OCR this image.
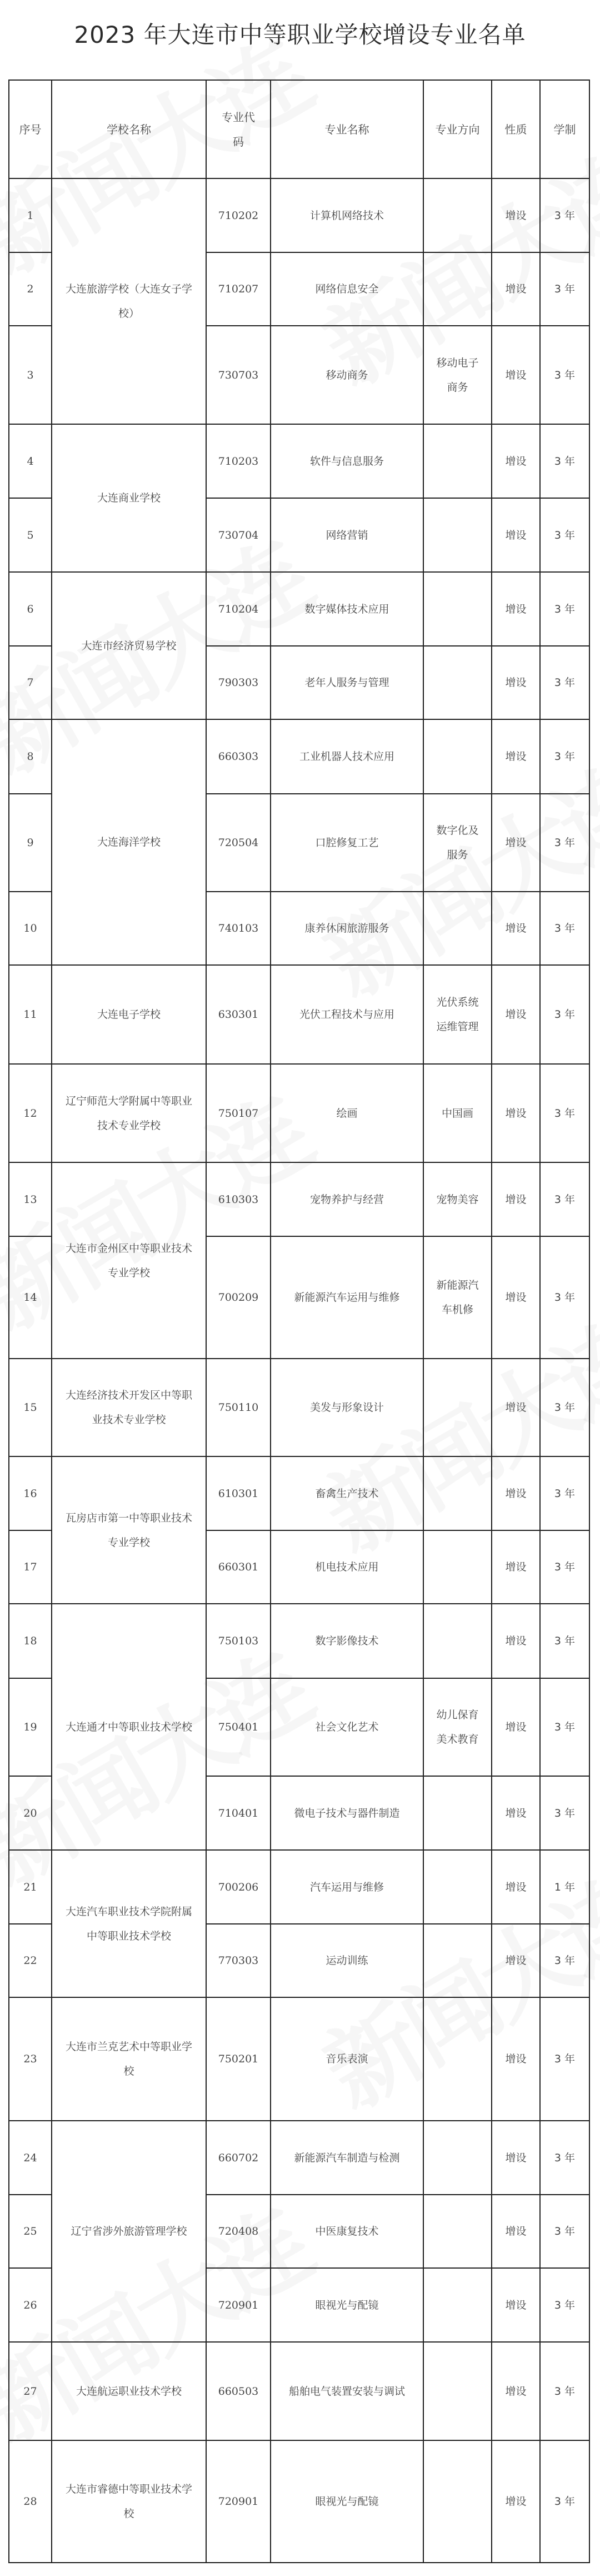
2023 年大连市中等职业学校增设专业名单
序号	学校名称	专业代码	专业名称	专业方向	性质	学制
1	大连旅游学校（大连女子学校）	710202	计算机网络技术		增设	3 年
2		710207	网络信息安全		增设	3 年
3		730703	移动商务	移动电子商务	增设	3 年
4	大连商业学校	710203	软件与信息服务		增设	3 年
5		730704	网络营销		增设	3 年
6	大连市经济贸易学校	710204	数字媒体技术应用		增设	3 年
7		790303	老年人服务与管理		增设	3 年
8	大连海洋学校	660303	工业机器人技术应用		增设	3 年
9		720504	口腔修复工艺	数字化及服务	增设	3 年
10		740103	康养休闲旅游服务		增设	3 年
11	大连电子学校	630301	光伏工程技术与应用	光伏系统运维管理	增设	3 年
12	辽宁师范大学附属中等职业技术专业学校	750107	绘画	中国画	增设	3 年
13	大连市金州区中等职业技术专业学校	610303	宠物养护与经营	宠物美容	增设	3 年
14		700209	新能源汽车运用与维修	新能源汽车机修	增设	3 年
15	大连经济技术开发区中等职业技术专业学校	750110	美发与形象设计		增设	3 年
16	瓦房店市第一中等职业技术专业学校	610301	畜禽生产技术		增设	3 年
17		660301	机电技术应用		增设	3 年
18	大连通才中等职业技术学校	750103	数字影像技术		增设	3 年
19		750401	社会文化艺术	幼儿保育美术教育	增设	3 年
20		710401	微电子技术与器件制造		增设	3 年
21	大连汽车职业技术学院附属中等职业技术学校	700206	汽车运用与维修		增设	1 年
22		770303	运动训练		增设	3 年
23	大连市兰克艺术中等职业学校	750201	音乐表演		增设	3 年
24	辽宁省涉外旅游管理学校	660702	新能源汽车制造与检测		增设	3 年
25		720408	中医康复技术		增设	3 年
26		720901	眼视光与配镜		增设	3 年
27	大连航运职业技术学校	660503	船舶电气装置安装与调试		增设	3 年
28	大连市睿德中等职业技术学校	720901	眼视光与配镜		增设	3 年
